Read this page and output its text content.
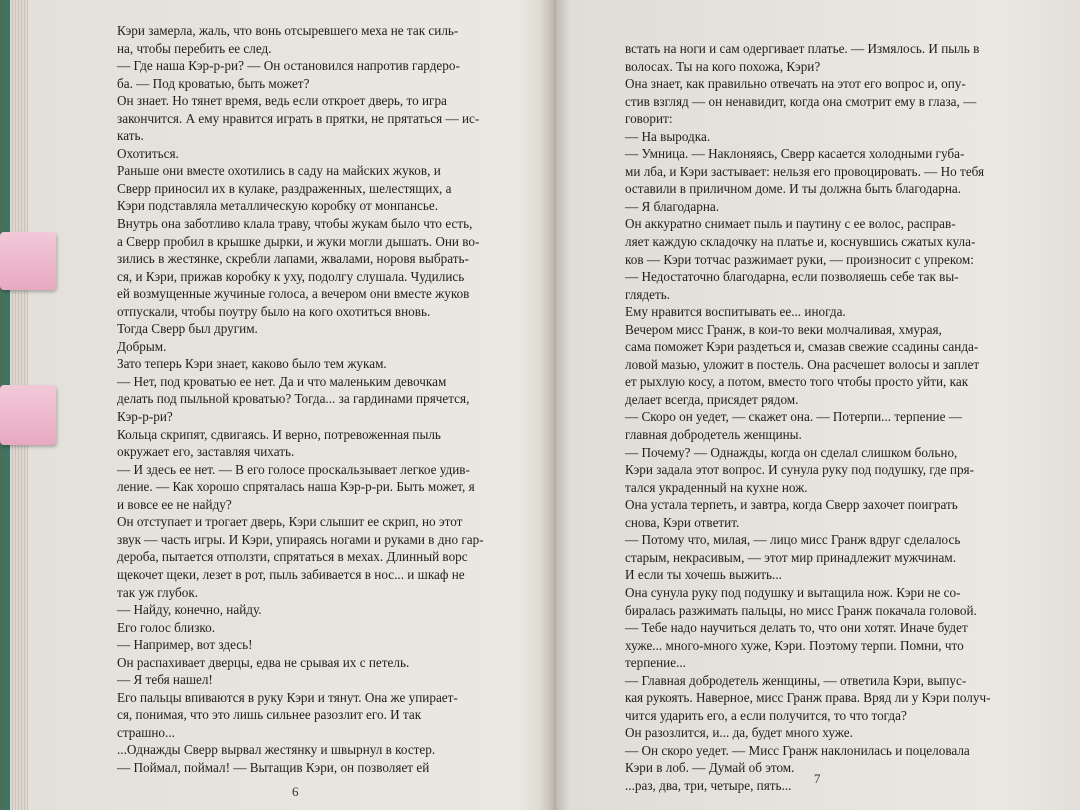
Кэри замерла, жаль, что вонь отсыревшего меха не так силь-
на, чтобы перебить ее след.
— Где наша Кэр-р-ри? — Он остановился напротив гардеро-
ба. — Под кроватью, быть может?
Он знает. Но тянет время, ведь если откроет дверь, то игра
закончится. А ему нравится играть в прятки, не прятаться — ис-
кать.
Охотиться.
Раньше они вместе охотились в саду на майских жуков, и
Сверр приносил их в кулаке, раздраженных, шелестящих, а
Кэри подставляла металлическую коробку от монпансье.
Внутрь она заботливо клала траву, чтобы жукам было что есть,
а Сверр пробил в крышке дырки, и жуки могли дышать. Они во-
зились в жестянке, скребли лапами, жвалами, норовя выбрать-
ся, и Кэри, прижав коробку к уху, подолгу слушала. Чудились
ей возмущенные жучиные голоса, а вечером они вместе жуков
отпускали, чтобы поутру было на кого охотиться вновь.
Тогда Сверр был другим.
Добрым.
Зато теперь Кэри знает, каково было тем жукам.
— Нет, под кроватью ее нет. Да и что маленьким девочкам
делать под пыльной кроватью? Тогда... за гардинами прячется,
Кэр-р-ри?
Кольца скрипят, сдвигаясь. И верно, потревоженная пыль
окружает его, заставляя чихать.
— И здесь ее нет. — В его голосе проскальзывает легкое удив-
ление. — Как хорошо спряталась наша Кэр-р-ри. Быть может, я
и вовсе ее не найду?
Он отступает и трогает дверь, Кэри слышит ее скрип, но этот
звук — часть игры. И Кэри, упираясь ногами и руками в дно гар-
дероба, пытается отползти, спрятаться в мехах. Длинный ворс
щекочет щеки, лезет в рот, пыль забивается в нос... и шкаф не
так уж глубок.
— Найду, конечно, найду.
Его голос близко.
— Например, вот здесь!
Он распахивает дверцы, едва не срывая их с петель.
— Я тебя нашел!
Его пальцы впиваются в руку Кэри и тянут. Она же упирает-
ся, понимая, что это лишь сильнее разозлит его. И так
страшно...
...Однажды Сверр вырвал жестянку и швырнул в костер.
— Поймал, поймал! — Вытащив Кэри, он позволяет ей
6
встать на ноги и сам одергивает платье. — Измялось. И пыль в
волосах. Ты на кого похожа, Кэри?
Она знает, как правильно отвечать на этот его вопрос и, опу-
стив взгляд — он ненавидит, когда она смотрит ему в глаза, —
говорит:
— На выродка.
— Умница. — Наклоняясь, Сверр касается холодными губа-
ми лба, и Кэри застывает: нельзя его провоцировать. — Но тебя
оставили в приличном доме. И ты должна быть благодарна.
— Я благодарна.
Он аккуратно снимает пыль и паутину с ее волос, расправ-
ляет каждую складочку на платье и, коснувшись сжатых кула-
ков — Кэри тотчас разжимает руки, — произносит с упреком:
— Недостаточно благодарна, если позволяешь себе так вы-
глядеть.
Ему нравится воспитывать ее... иногда.
Вечером мисс Гранж, в кои-то веки молчаливая, хмурая,
сама поможет Кэри раздеться и, смазав свежие ссадины санда-
ловой мазью, уложит в постель. Она расчешет волосы и заплет
ет рыхлую косу, а потом, вместо того чтобы просто уйти, как
делает всегда, присядет рядом.
— Скоро он уедет, — скажет она. — Потерпи... терпение —
главная добродетель женщины.
— Почему? — Однажды, когда он сделал слишком больно,
Кэри задала этот вопрос. И сунула руку под подушку, где пря-
тался украденный на кухне нож.
Она устала терпеть, и завтра, когда Сверр захочет поиграть
снова, Кэри ответит.
— Потому что, милая, — лицо мисс Гранж вдруг сделалось
старым, некрасивым, — этот мир принадлежит мужчинам.
И если ты хочешь выжить...
Она сунула руку под подушку и вытащила нож. Кэри не со-
биралась разжимать пальцы, но мисс Гранж покачала головой.
— Тебе надо научиться делать то, что они хотят. Иначе будет
хуже... много-много хуже, Кэри. Поэтому терпи. Помни, что
терпение...
— Главная добродетель женщины, — ответила Кэри, выпус-
кая рукоять. Наверное, мисс Гранж права. Вряд ли у Кэри получ-
чится ударить его, а если получится, то что тогда?
Он разозлится, и... да, будет много хуже.
— Он скоро уедет. — Мисс Гранж наклонилась и поцеловала
Кэри в лоб. — Думай об этом.
...раз, два, три, четыре, пять...	7
